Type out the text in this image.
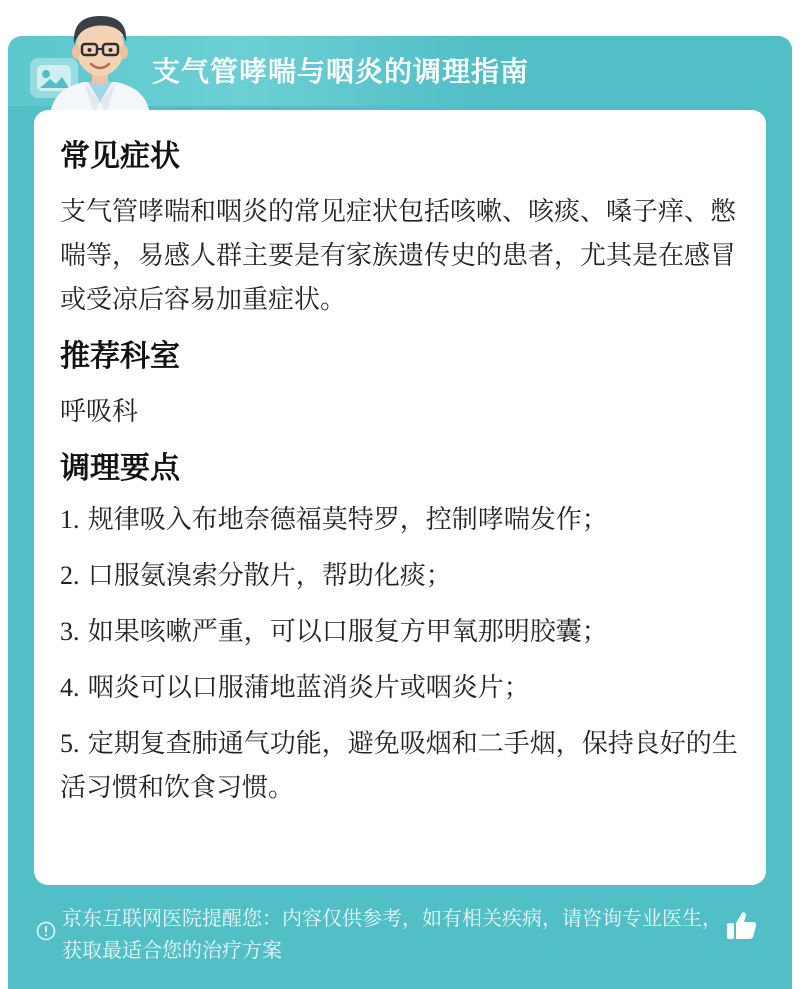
支气管哮喘与咽炎的调理指南
常见症状

支气管哮喘和咽炎的常见症状包括咳嗽、咳痰、嗓子痒、憋喘等，易感人群主要是有家族遗传史的患者，尤其是在感冒或受凉后容易加重症状。

推荐科室

呼吸科

调理要点
1. 规律吸入布地奈德福莫特罗，控制哮喘发作；
2. 口服氨溴索分散片，帮助化痰；
3. 如果咳嗽严重，可以口服复方甲氧那明胶囊；
4. 咽炎可以口服蒲地蓝消炎片或咽炎片；
5. 定期复查肺通气功能，避免吸烟和二手烟，保持良好的生活习惯和饮食习惯。
京东互联网医院提醒您：内容仅供参考，如有相关疾病，请咨询专业医生，获取最适合您的治疗方案
